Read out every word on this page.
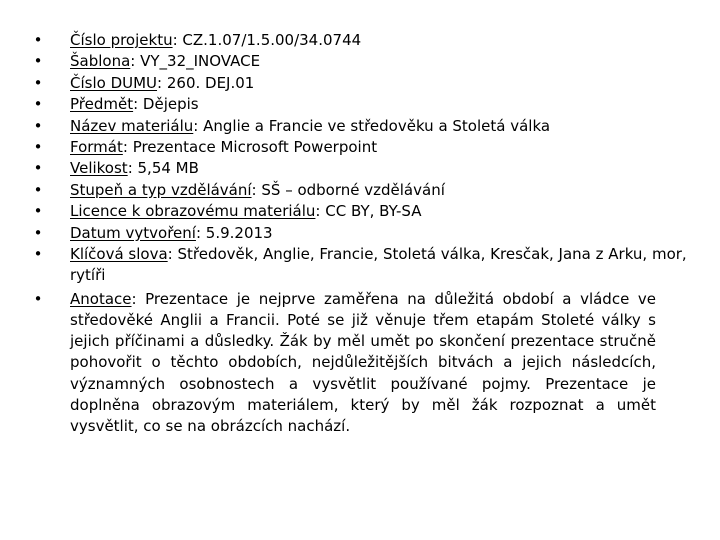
• Číslo projektu: CZ.1.07/1.5.00/34.0744
• Šablona: VY_32_INOVACE
• Číslo DUMU: 260. DEJ.01
• Předmět: Dějepis
• Název materiálu: Anglie a Francie ve středověku a Stoletá válka
• Formát: Prezentace Microsoft Powerpoint
• Velikost: 5,54 MB
• Stupeň a typ vzdělávání: SŠ – odborné vzdělávání
• Licence k obrazovému materiálu: CC BY, BY-SA
• Datum vytvoření: 5.9.2013
• Klíčová slova: Středověk, Anglie, Francie, Stoletá válka, Kresčak, Jana z Arku, mor, rytíři
• Anotace: Prezentace je nejprve zaměřena na důležitá období a vládce ve středověké Anglii a Francii. Poté se již věnuje třem etapám Stoleté války s jejich příčinami a důsledky. Žák by měl umět po skončení prezentace stručně pohovořit o těchto obdobích, nejdůležitějších bitvách a jejich následcích, významných osobnostech a vysvětlit používané pojmy. Prezentace je doplněna obrazovým materiálem, který by měl žák rozpoznat a umět vysvětlit, co se na obrázcích nachází.
